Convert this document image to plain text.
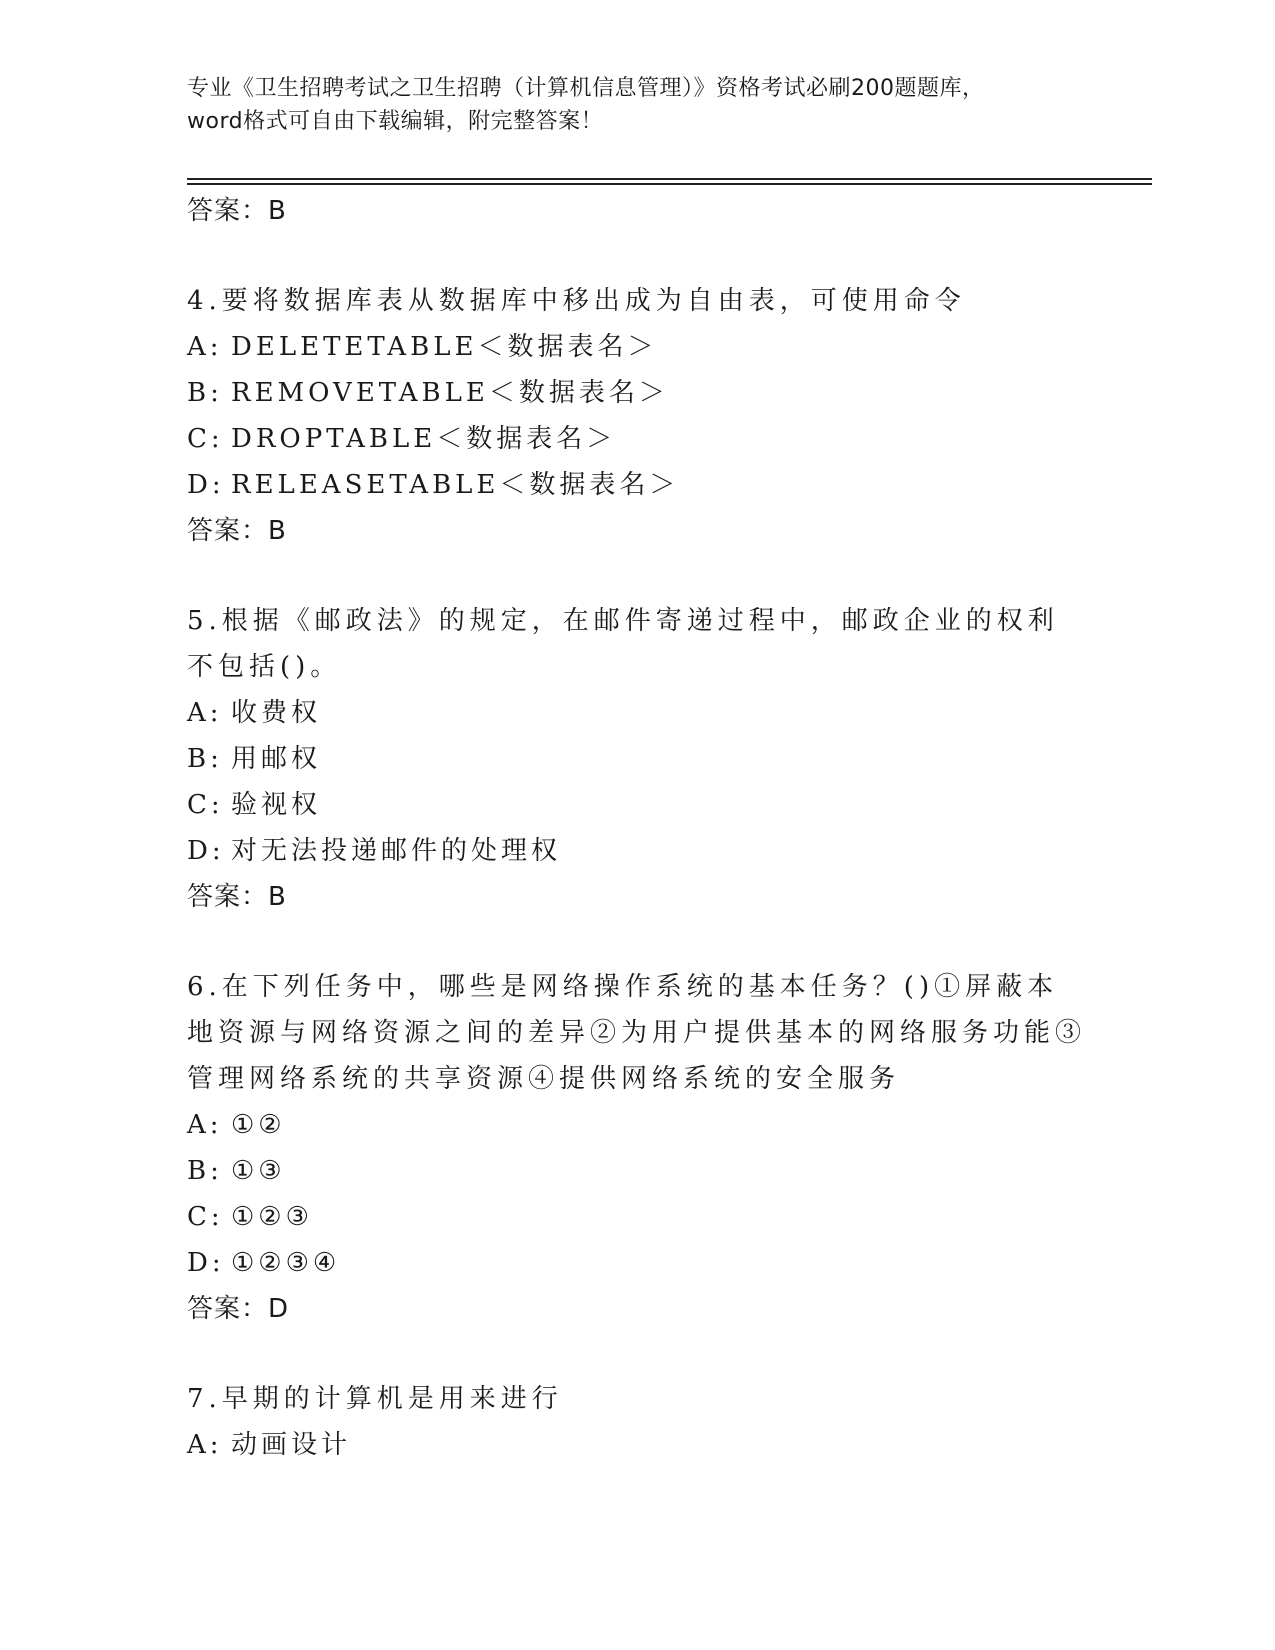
专业《卫生招聘考试之卫生招聘（计算机信息管理）》资格考试必刷200题题库，
word格式可自由下载编辑，附完整答案！
答案：B

4.要将数据库表从数据库中移出成为自由表，可使用命令

A: DELETETABLE＜数据表名＞
B: REMOVETABLE＜数据表名＞
C: DROPTABLE＜数据表名＞
D: RELEASETABLE＜数据表名＞
答案：B

5.根据《邮政法》的规定，在邮件寄递过程中，邮政企业的权利不包括()。

A: 收费权
B: 用邮权
C: 验视权
D: 对无法投递邮件的处理权
答案：B

6.在下列任务中，哪些是网络操作系统的基本任务？()①屏蔽本地资源与网络资源之间的差异②为用户提供基本的网络服务功能③管理网络系统的共享资源④提供网络系统的安全服务

A: ①②
B: ①③
C: ①②③
D: ①②③④
答案：D

7.早期的计算机是用来进行

A: 动画设计
